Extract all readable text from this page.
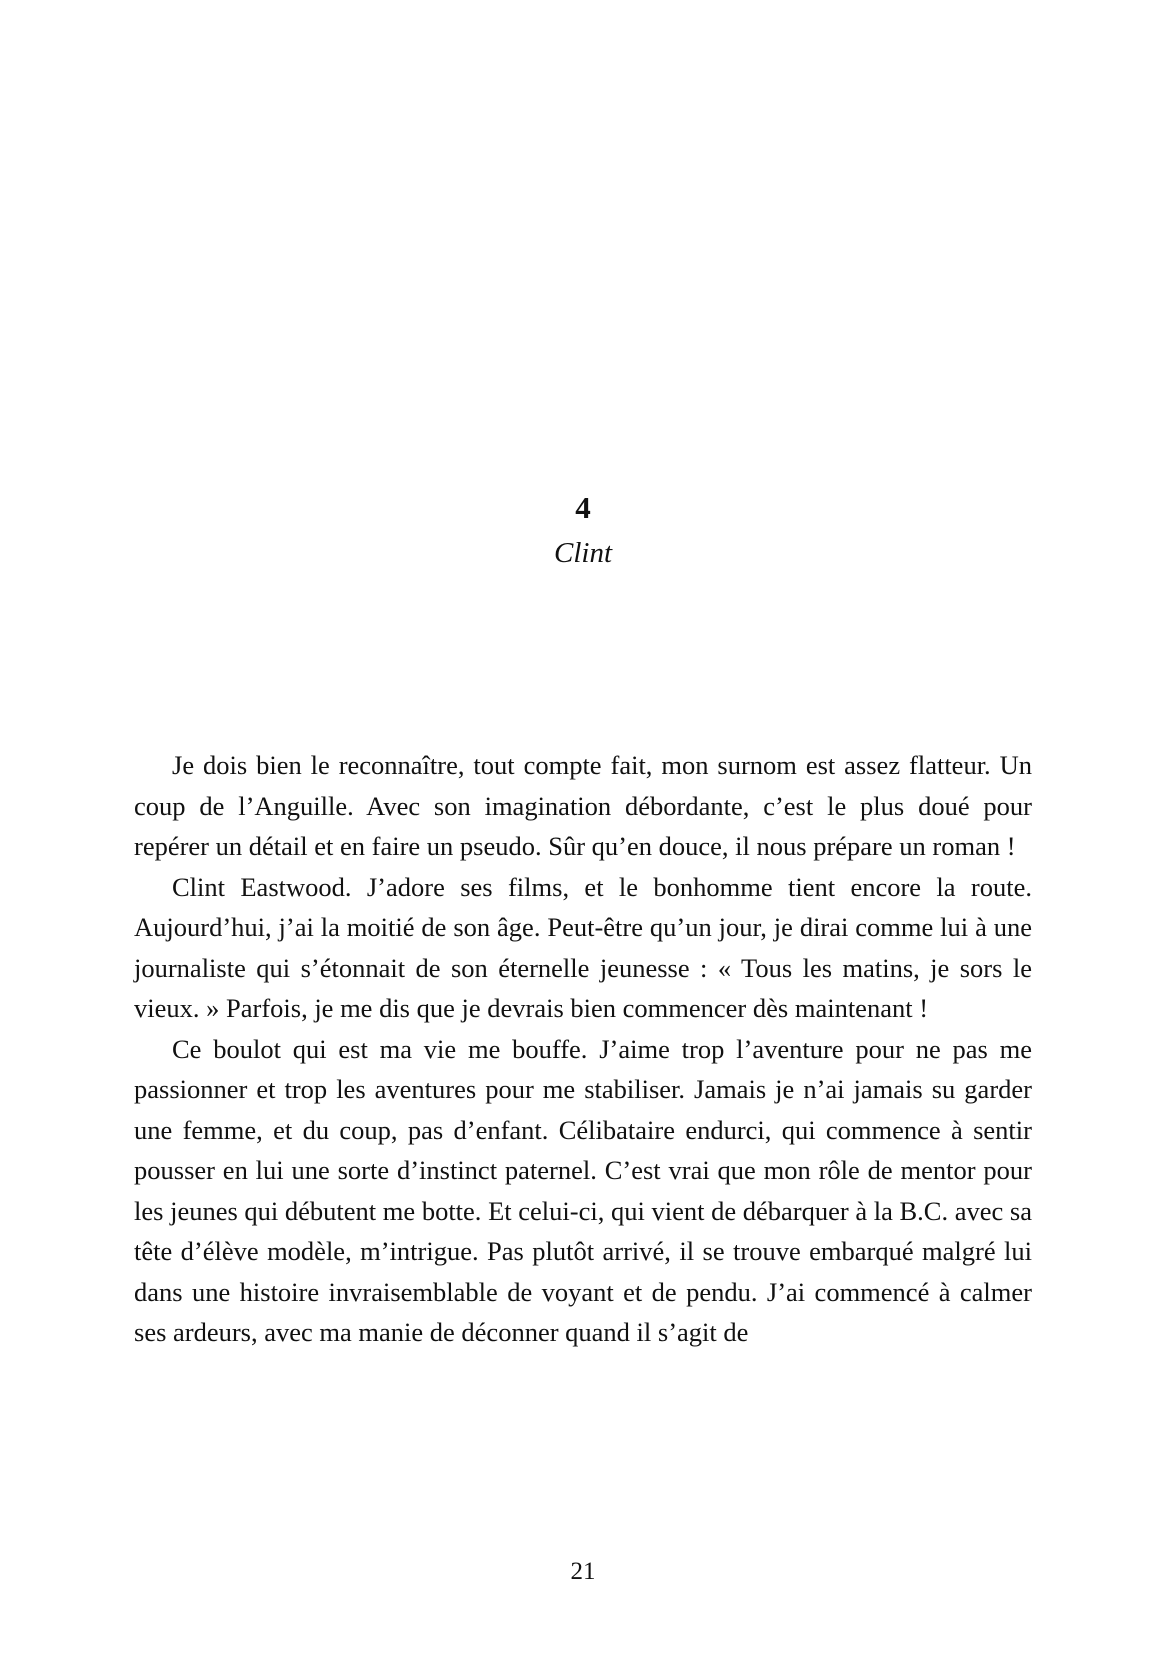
4
Clint

Je dois bien le reconnaître, tout compte fait, mon surnom est assez flatteur. Un coup de l’Anguille. Avec son imagination débordante, c’est le plus doué pour repérer un détail et en faire un pseudo. Sûr qu’en douce, il nous prépare un roman !

Clint Eastwood. J’adore ses films, et le bonhomme tient encore la route. Aujourd’hui, j’ai la moitié de son âge. Peut-être qu’un jour, je dirai comme lui à une journaliste qui s’étonnait de son éternelle jeunesse : « Tous les matins, je sors le vieux. » Parfois, je me dis que je devrais bien commencer dès maintenant !

Ce boulot qui est ma vie me bouffe. J’aime trop l’aventure pour ne pas me passionner et trop les aventures pour me stabiliser. Jamais je n’ai jamais su garder une femme, et du coup, pas d’enfant. Célibataire endurci, qui commence à sentir pousser en lui une sorte d’instinct paternel. C’est vrai que mon rôle de mentor pour les jeunes qui débutent me botte. Et celui-ci, qui vient de débarquer à la B.C. avec sa tête d’élève modèle, m’intrigue. Pas plutôt arrivé, il se trouve embarqué malgré lui dans une histoire invraisemblable de voyant et de pendu. J’ai commencé à calmer ses ardeurs, avec ma manie de déconner quand il s’agit de

21
